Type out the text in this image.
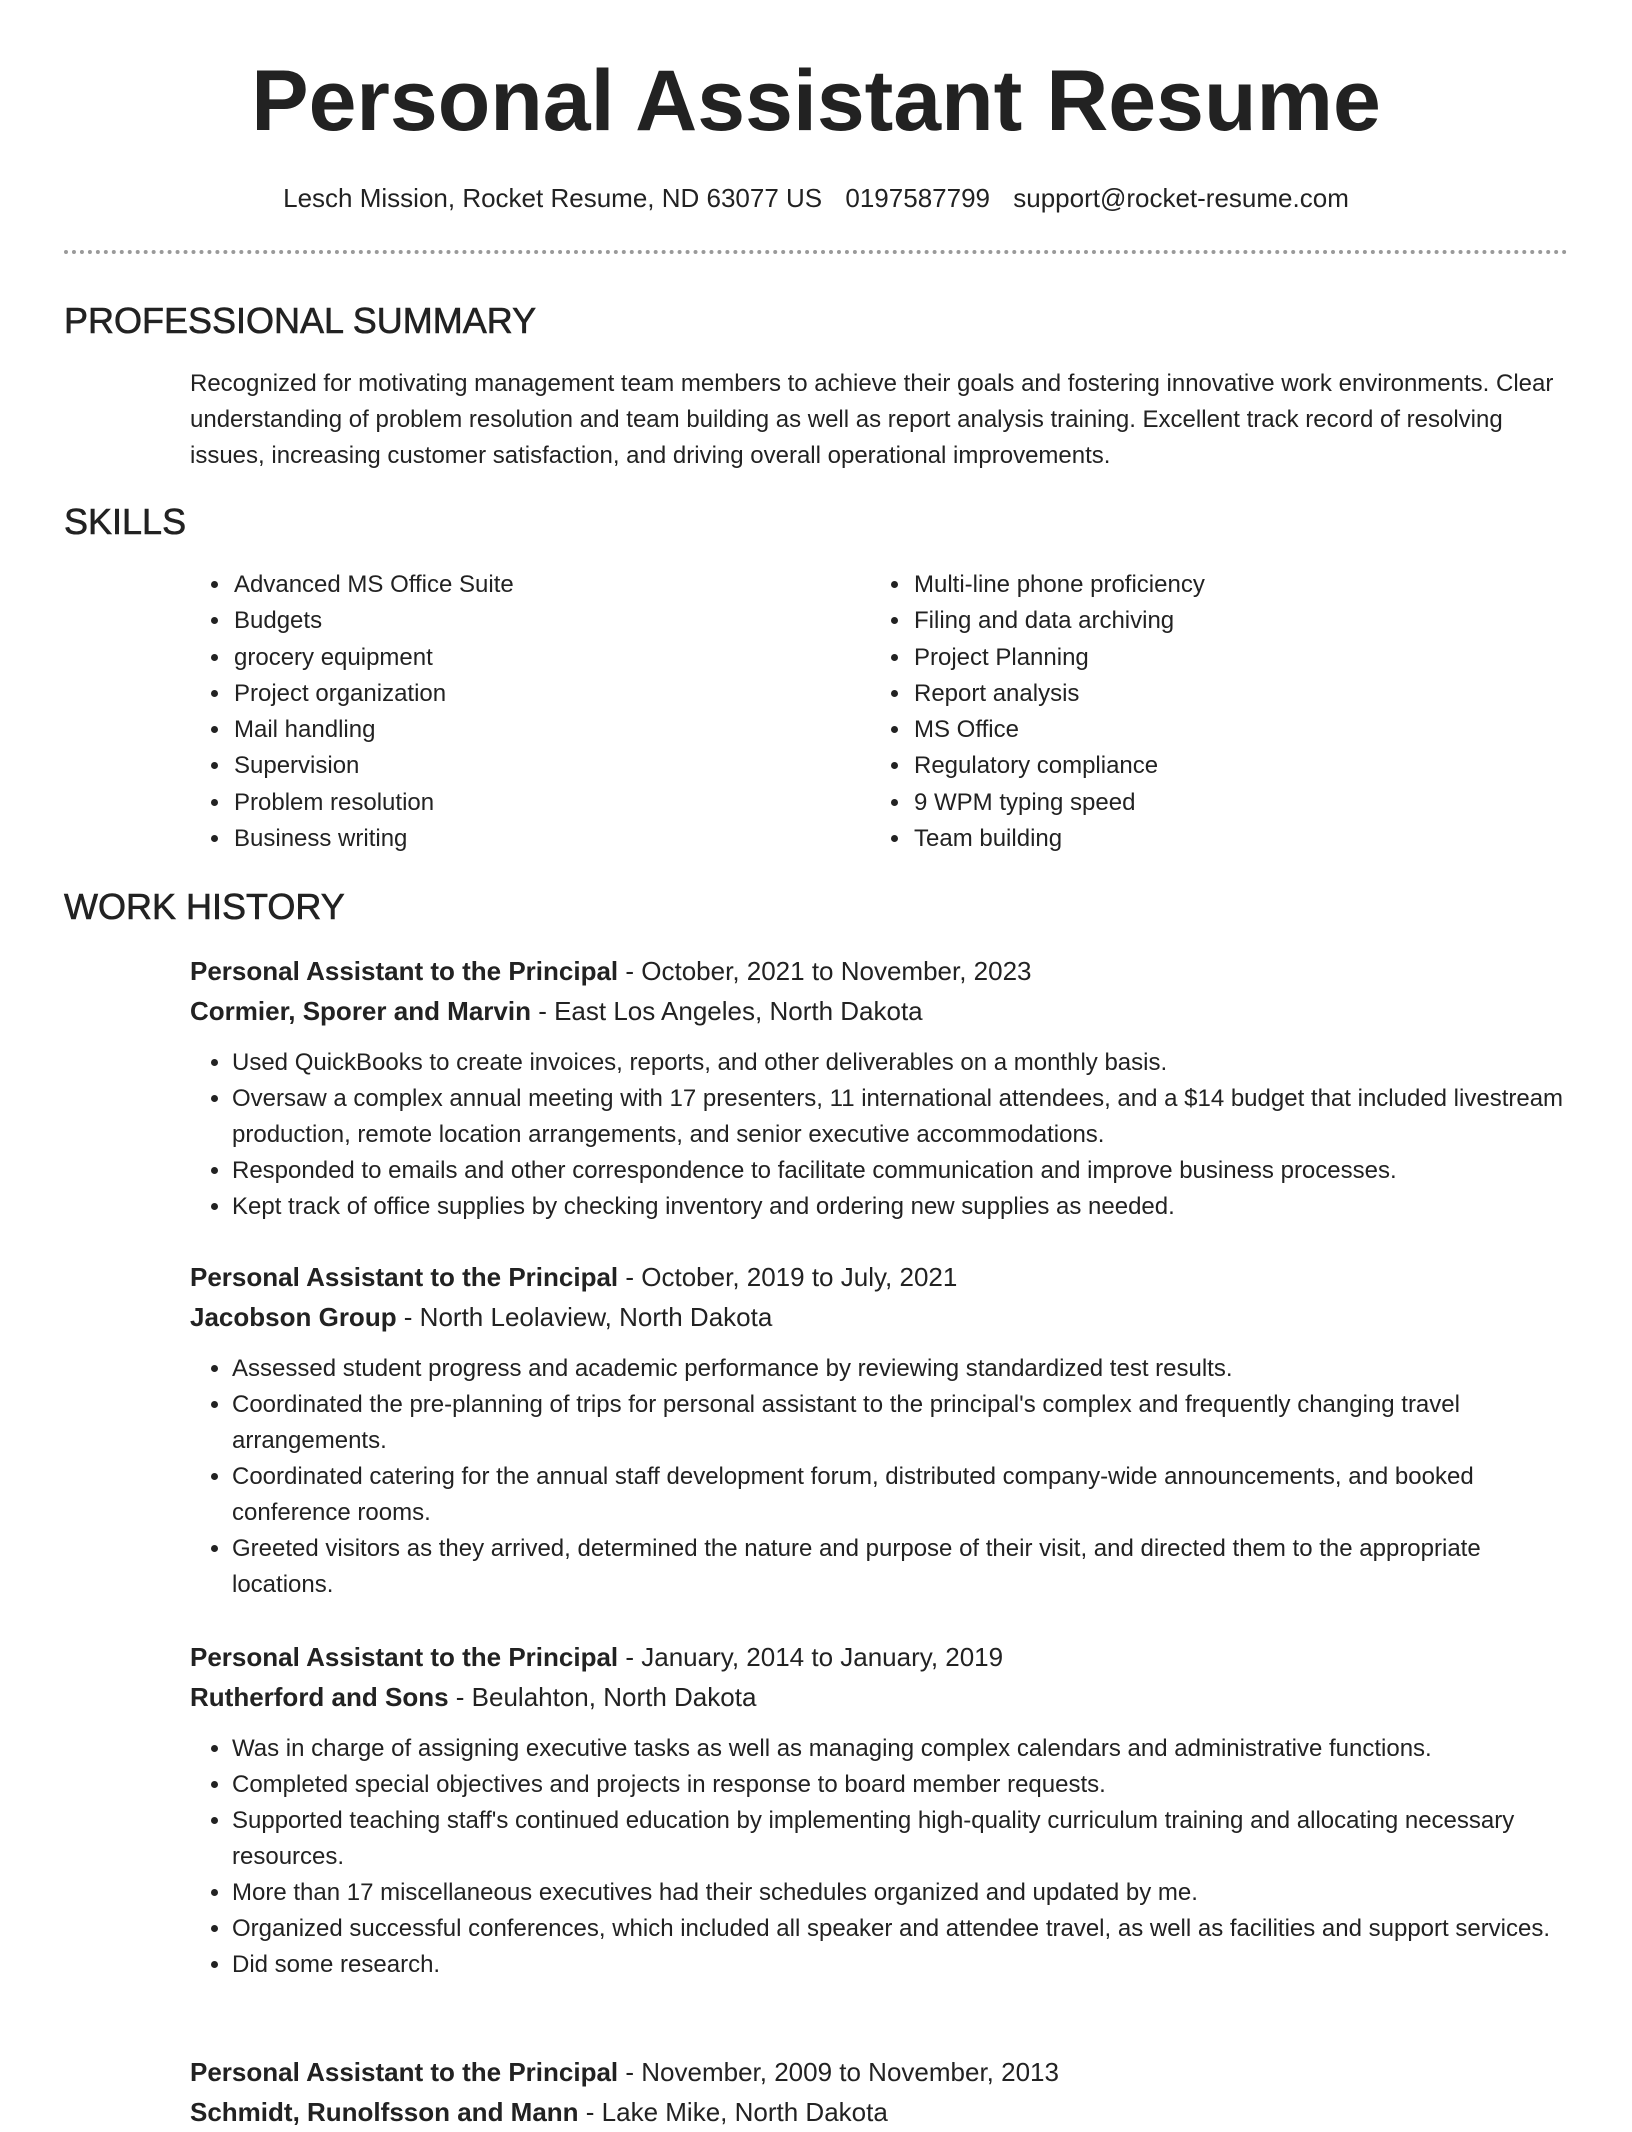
Personal Assistant Resume
Lesch Mission, Rocket Resume, ND 63077 US 0197587799 support@rocket-resume.com
PROFESSIONAL SUMMARY
Recognized for motivating management team members to achieve their goals and fostering innovative work environments. Clear understanding of problem resolution and team building as well as report analysis training. Excellent track record of resolving issues, increasing customer satisfaction, and driving overall operational improvements.
SKILLS
• Advanced MS Office Suite
• Budgets
• grocery equipment
• Project organization
• Mail handling
• Supervision
• Problem resolution
• Business writing
• Multi-line phone proficiency
• Filing and data archiving
• Project Planning
• Report analysis
• MS Office
• Regulatory compliance
• 9 WPM typing speed
• Team building
WORK HISTORY
Personal Assistant to the Principal - October, 2021 to November, 2023
Cormier, Sporer and Marvin - East Los Angeles, North Dakota
• Used QuickBooks to create invoices, reports, and other deliverables on a monthly basis.
• Oversaw a complex annual meeting with 17 presenters, 11 international attendees, and a $14 budget that included livestream production, remote location arrangements, and senior executive accommodations.
• Responded to emails and other correspondence to facilitate communication and improve business processes.
• Kept track of office supplies by checking inventory and ordering new supplies as needed.
Personal Assistant to the Principal - October, 2019 to July, 2021
Jacobson Group - North Leolaview, North Dakota
• Assessed student progress and academic performance by reviewing standardized test results.
• Coordinated the pre-planning of trips for personal assistant to the principal's complex and frequently changing travel arrangements.
• Coordinated catering for the annual staff development forum, distributed company-wide announcements, and booked conference rooms.
• Greeted visitors as they arrived, determined the nature and purpose of their visit, and directed them to the appropriate locations.
Personal Assistant to the Principal - January, 2014 to January, 2019
Rutherford and Sons - Beulahton, North Dakota
• Was in charge of assigning executive tasks as well as managing complex calendars and administrative functions.
• Completed special objectives and projects in response to board member requests.
• Supported teaching staff's continued education by implementing high-quality curriculum training and allocating necessary resources.
• More than 17 miscellaneous executives had their schedules organized and updated by me.
• Organized successful conferences, which included all speaker and attendee travel, as well as facilities and support services.
• Did some research.
Personal Assistant to the Principal - November, 2009 to November, 2013
Schmidt, Runolfsson and Mann - Lake Mike, North Dakota
